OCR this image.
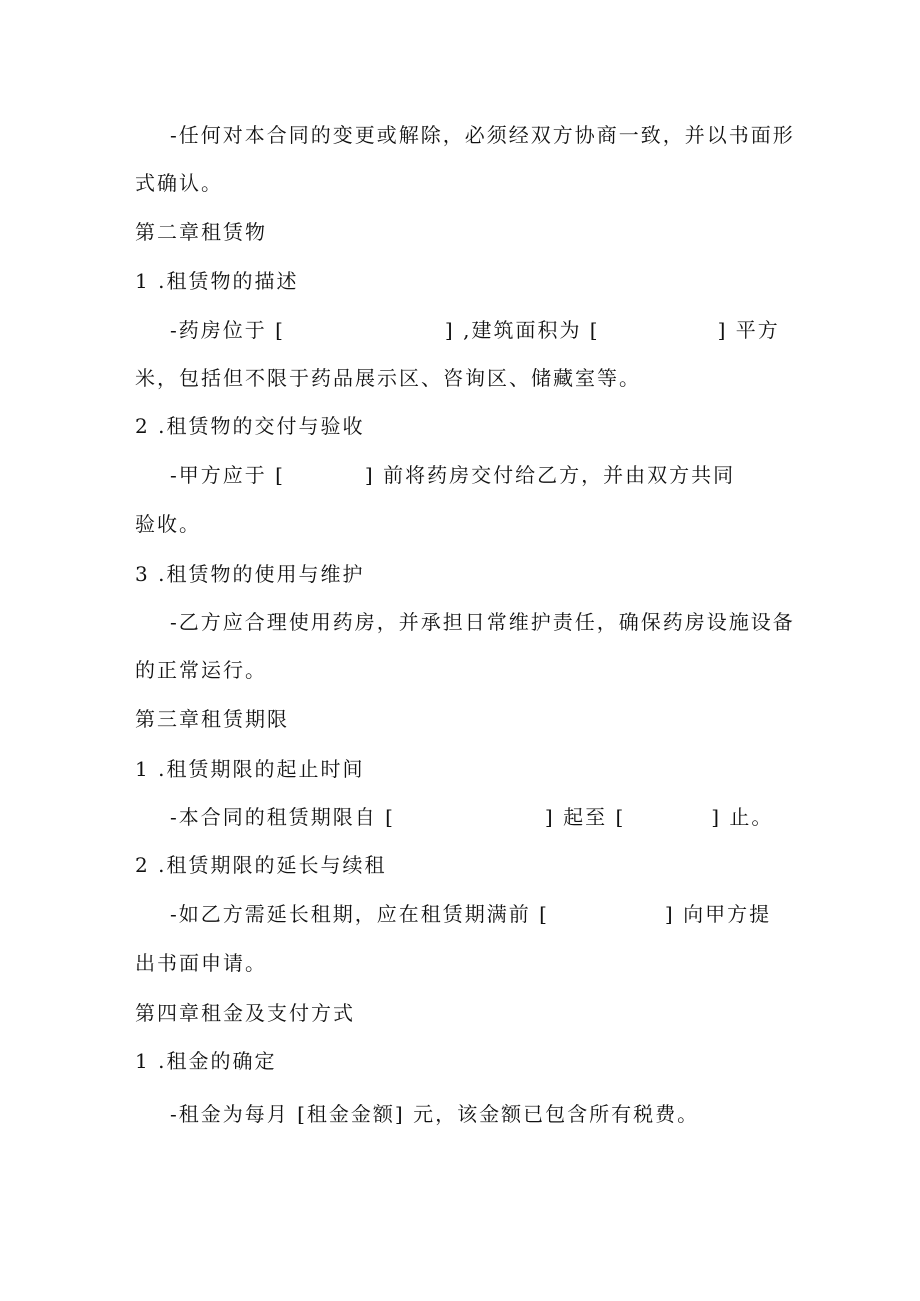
-任何对本合同的变更或解除，必须经双方协商一致，并以书面形
式确认。
第二章租赁物
1 .租赁物的描述
-药房位于 [	] ,建筑面积为 [	] 平方
米，包括但不限于药品展示区、咨询区、储藏室等。
2 .租赁物的交付与验收
-甲方应于 [	] 前将药房交付给乙方，并由双方共同
验收。
3 .租赁物的使用与维护
-乙方应合理使用药房，并承担日常维护责任，确保药房设施设备
的正常运行。
第三章租赁期限
1 .租赁期限的起止时间
-本合同的租赁期限自 [	] 起至 [	] 止。
2 .租赁期限的延长与续租
-如乙方需延长租期，应在租赁期满前 [	] 向甲方提
出书面申请。
第四章租金及支付方式
1 .租金的确定
-租金为每月 [租金金额] 元，该金额已包含所有税费。
